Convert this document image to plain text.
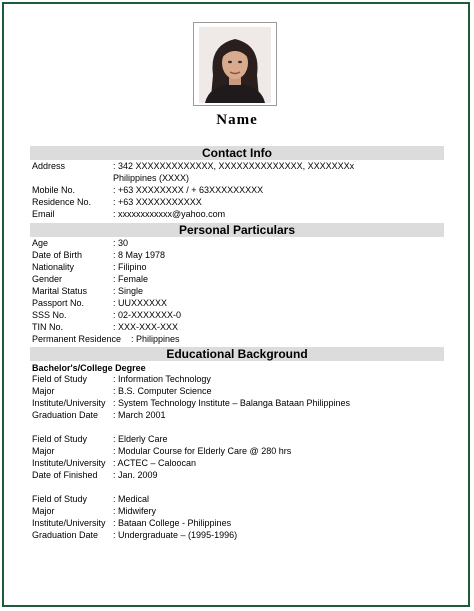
Name
Contact Info
Address	: 342 XXXXXXXXXXXXX, XXXXXXXXXXXXXX, XXXXXXXx
Philippines (XXXX)
Mobile No.	: +63 XXXXXXXX / + 63XXXXXXXXX
Residence No. : +63 XXXXXXXXXXX
Email	: xxxxxxxxxxxx@yahoo.com
Personal Particulars
Age	: 30
Date of Birth	: 8 May 1978
Nationality	: Filipino
Gender	: Female
Marital Status	: Single
Passport No.	: UUXXXXXX
SSS No.	: 02-XXXXXXX-0
TIN No.	: XXX-XXX-XXX
Permanent Residence : Philippines
Educational Background
Bachelor's/College Degree
Field of Study	: Information Technology
Major	: B.S. Computer Science
Institute/University : System Technology Institute – Balanga Bataan Philippines
Graduation Date : March 2001
Field of Study	: Elderly Care
Major	: Modular Course for Elderly Care @ 280 hrs
Institute/University : ACTEC – Caloocan
Date of Finished : Jan. 2009
Field of Study	: Medical
Major	: Midwifery
Institute/University : Bataan College - Philippines
Graduation Date : Undergraduate – (1995-1996)
